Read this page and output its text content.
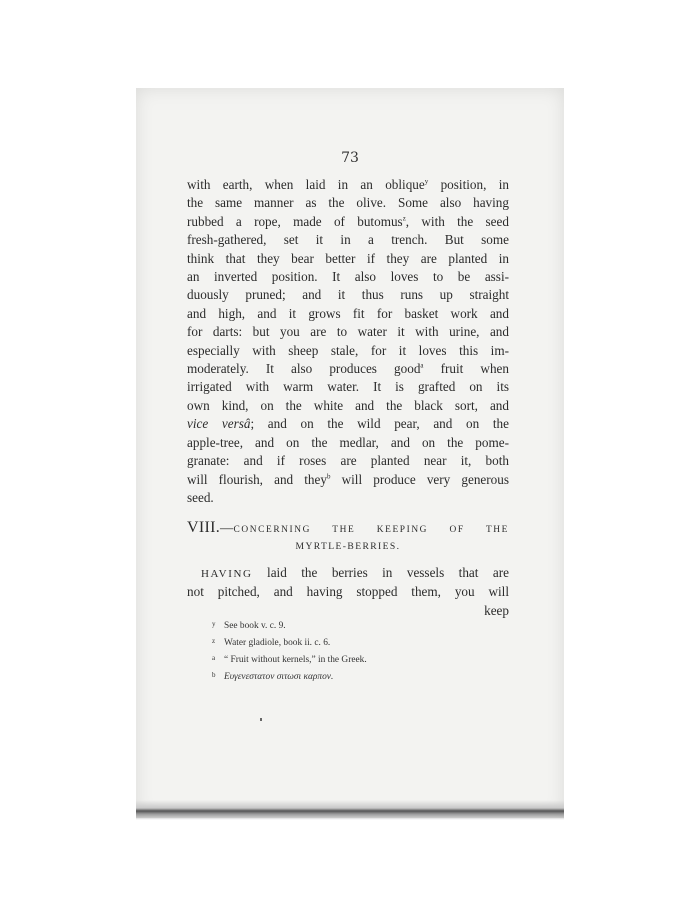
73
with earth, when laid in an oblique$^y$ position, in
the same manner as the olive. Some also having
rubbed a rope, made of butomus$^z$, with the seed
fresh-gathered, set it in a trench. But some
think that they bear better if they are planted in
an inverted position. It also loves to be assi-
duously pruned; and it thus runs up straight
and high, and it grows fit for basket work and
for darts: but you are to water it with urine, and
especially with sheep stale, for it loves this im-
moderately. It also produces good$^a$ fruit when
irrigated with warm water. It is grafted on its
own kind, on the white and the black sort, and
vice versâ; and on the wild pear, and on the
apple-tree, and on the medlar, and on the pome-
granate: and if roses are planted near it, both
will flourish, and they$^b$ will produce very generous
seed.
VIII.—CONCERNING THE KEEPING OF THE
MYRTLE-BERRIES.
HAVING laid the berries in vessels that are
not pitched, and having stopped them, you will
keep
y See book v. c. 9.
z Water gladiole, book ii. c. 6.
a “ Fruit without kernels,” in the Greek.
b Ευγενεστατον σιτωσι καρπον.
